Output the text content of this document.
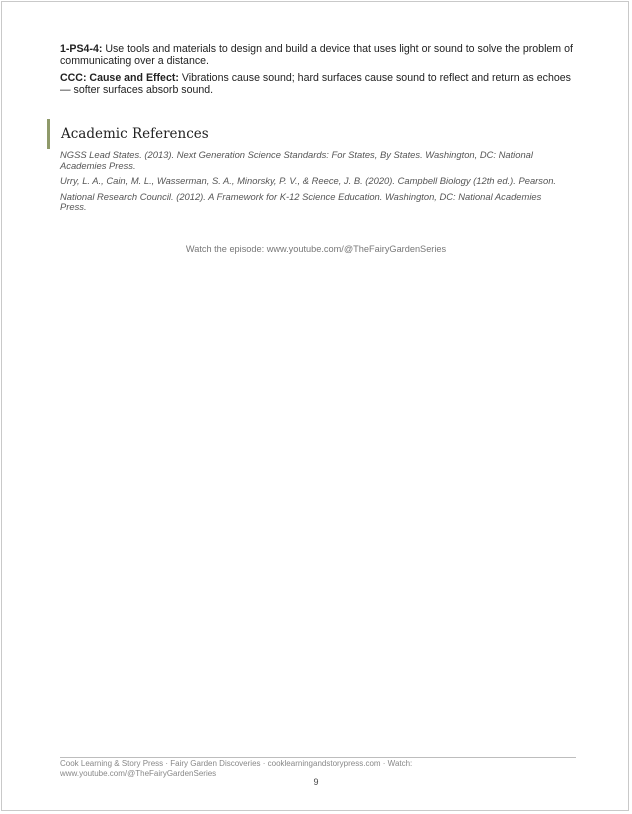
1-PS4-4: Use tools and materials to design and build a device that uses light or sound to solve the problem of communicating over a distance.

CCC: Cause and Effect: Vibrations cause sound; hard surfaces cause sound to reflect and return as echoes — softer surfaces absorb sound.

Academic References

NGSS Lead States. (2013). Next Generation Science Standards: For States, By States. Washington, DC: National Academies Press.

Urry, L. A., Cain, M. L., Wasserman, S. A., Minorsky, P. V., & Reece, J. B. (2020). Campbell Biology (12th ed.). Pearson.

National Research Council. (2012). A Framework for K-12 Science Education. Washington, DC: National Academies Press.

Watch the episode: www.youtube.com/@TheFairyGardenSeries
Cook Learning & Story Press · Fairy Garden Discoveries · cooklearningandstorypress.com · Watch: www.youtube.com/@TheFairyGardenSeries
9
